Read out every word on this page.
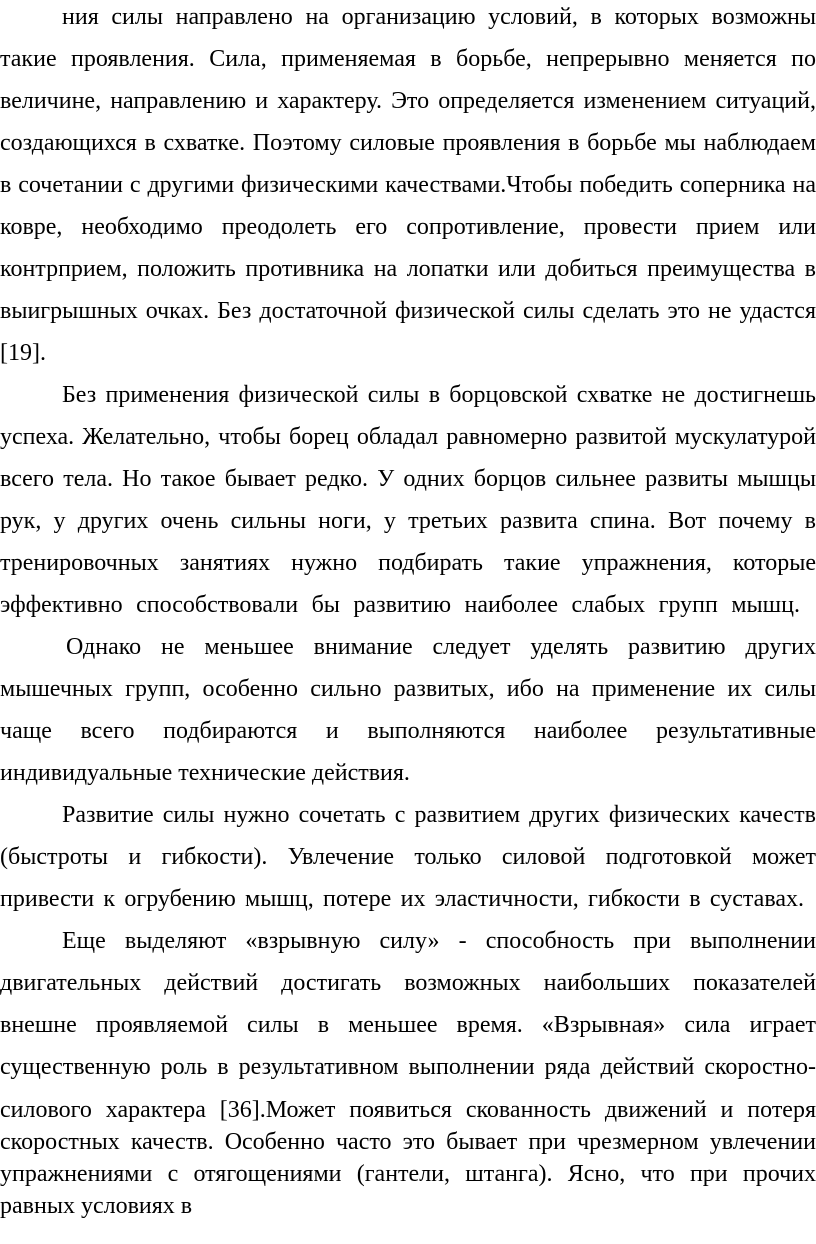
ния силы направлено на организацию условий, в которых возможны
такие проявления. Сила, применяемая в борьбе, непрерывно меняется по
величине, направлению и характеру. Это определяется изменением ситуаций,
создающихся в схватке. Поэтому силовые проявления в борьбе мы наблюдаем
в сочетании с другими физическими качествами.Чтобы победить соперника на
ковре, необходимо преодолеть его сопротивление, провести прием или
контрприем, положить противника на лопатки или добиться преимущества в
выигрышных очках. Без достаточной физической силы сделать это не удастся
[19].
Без применения физической силы в борцовской схватке не достигнешь
успеха. Желательно, чтобы борец обладал равномерно развитой мускулатурой
всего тела. Но такое бывает редко. У одних борцов сильнее развиты мышцы
рук, у других очень сильны ноги, у третьих развита спина. Вот почему в
тренировочных занятиях нужно подбирать такие упражнения, которые
эффективно способствовали бы развитию наиболее слабых групп мышц.
Однако не меньшее внимание следует уделять развитию других
мышечных групп, особенно сильно развитых, ибо на применение их силы
чаще всего подбираются и выполняются наиболее результативные
индивидуальные технические действия.
Развитие силы нужно сочетать с развитием других физических качеств
(быстроты и гибкости). Увлечение только силовой подготовкой может
привести к огрубению мышц, потере их эластичности, гибкости в суставах.
Еще выделяют «взрывную силу» - способность при выполнении
двигательных действий достигать возможных наибольших показателей
внешне проявляемой силы в меньшее время. «Взрывная» сила играет
существенную роль в результативном выполнении ряда действий скоростно-
силового характера [36].Может появиться скованность движений и потеря
скоростных качеств. Особенно часто это бывает при чрезмерном увлечении
упражнениями с отягощениями (гантели, штанга). Ясно, что при прочих
равных условиях в
